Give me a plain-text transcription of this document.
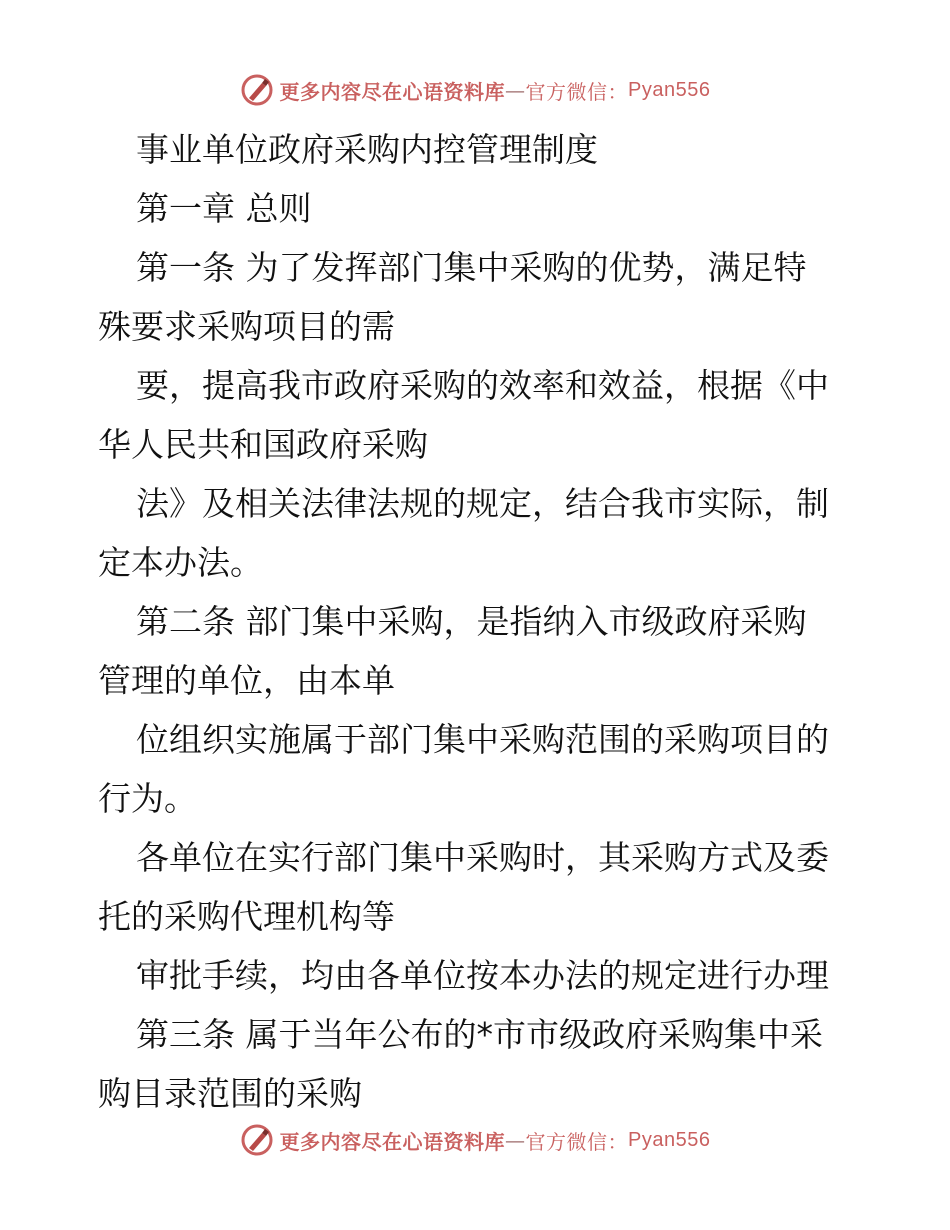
更多内容尽在心语资料库 — 官方微信： Pyan556
事业单位政府采购内控管理制度
第一章 总则
第一条 为了发挥部门集中采购的优势，满足特
殊要求采购项目的需
要，提高我市政府采购的效率和效益，根据《中
华人民共和国政府采购
法》及相关法律法规的规定，结合我市实际，制
定本办法。
第二条 部门集中采购，是指纳入市级政府采购
管理的单位，由本单
位组织实施属于部门集中采购范围的采购项目的
行为。
各单位在实行部门集中采购时，其采购方式及委
托的采购代理机构等
审批手续，均由各单位按本办法的规定进行办理
第三条 属于当年公布的*市市级政府采购集中采
购目录范围的采购
更多内容尽在心语资料库 — 官方微信： Pyan556
